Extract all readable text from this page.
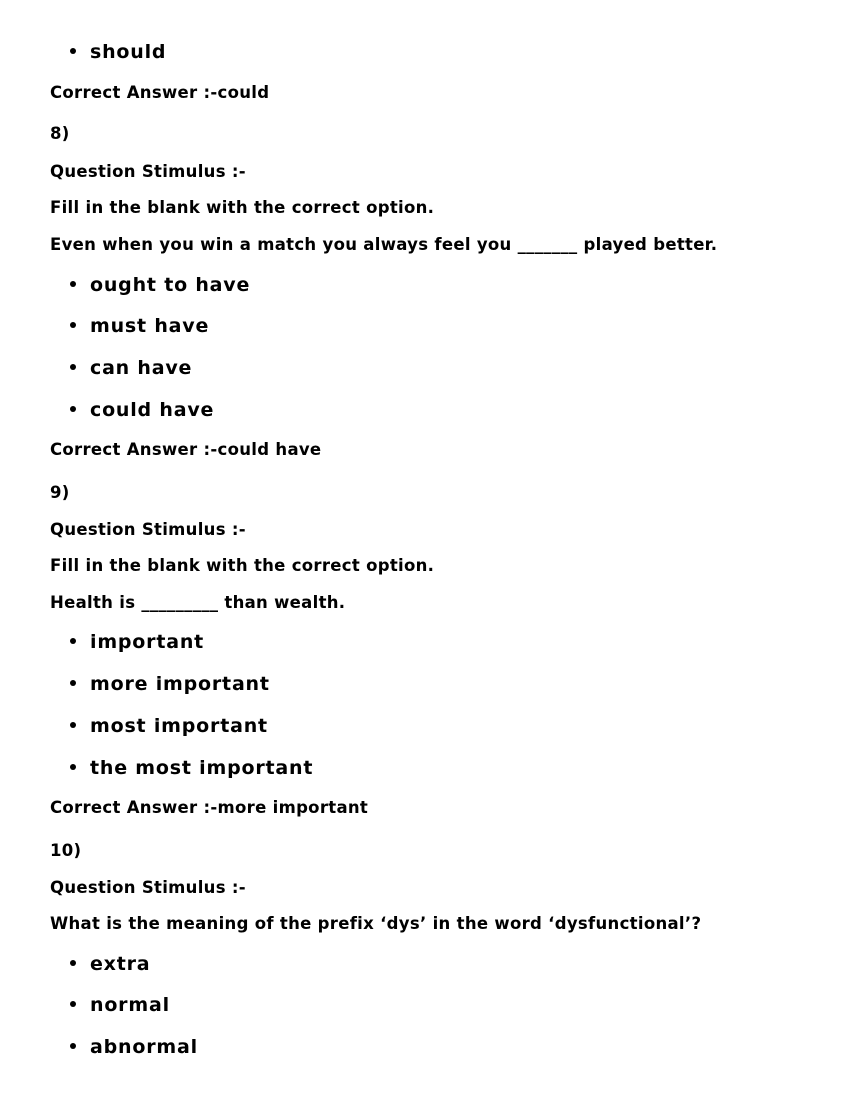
should
Correct Answer :-could
8)
Question Stimulus :-
Fill in the blank with the correct option.
Even when you win a match you always feel you _______ played better.
ought to have
must have
can have
could have
Correct Answer :-could have
9)
Question Stimulus :-
Fill in the blank with the correct option.
Health is _________ than wealth.
important
more important
most important
the most important
Correct Answer :-more important
10)
Question Stimulus :-
What is the meaning of the prefix ‘dys’ in the word ‘dysfunctional’?
extra
normal
abnormal
